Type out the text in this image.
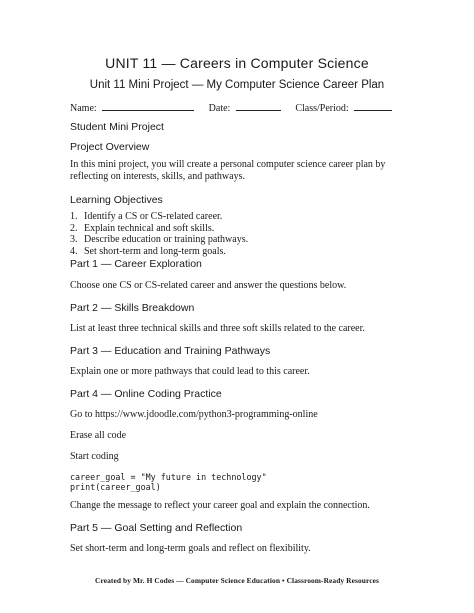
UNIT 11 — Careers in Computer Science
Unit 11 Mini Project — My Computer Science Career Plan
Name:	Date:	Class/Period:
Student Mini Project
Project Overview
In this mini project, you will create a personal computer science career plan by reflecting on interests, skills, and pathways.
Learning Objectives
1. Identify a CS or CS-related career.
2. Explain technical and soft skills.
3. Describe education or training pathways.
4. Set short-term and long-term goals.
Part 1 — Career Exploration
Choose one CS or CS-related career and answer the questions below.
Part 2 — Skills Breakdown
List at least three technical skills and three soft skills related to the career.
Part 3 — Education and Training Pathways
Explain one or more pathways that could lead to this career.
Part 4 — Online Coding Practice
Go to https://www.jdoodle.com/python3-programming-online
Erase all code
Start coding
career_goal = "My future in technology"
print(career_goal)
Change the message to reflect your career goal and explain the connection.
Part 5 — Goal Setting and Reflection
Set short-term and long-term goals and reflect on flexibility.
Created by Mr. H Codes — Computer Science Education • Classroom-Ready Resources
